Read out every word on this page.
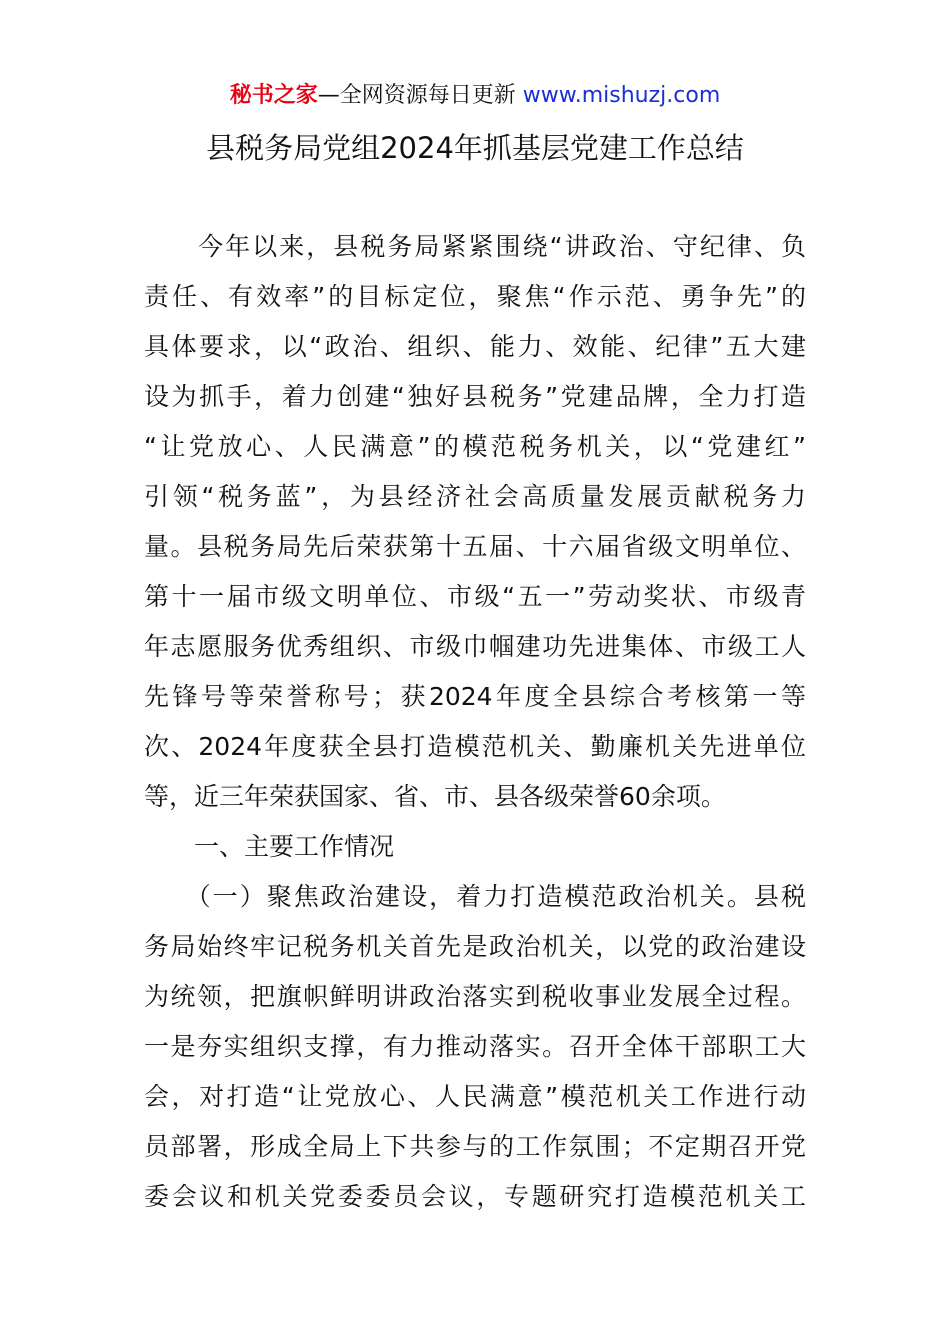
秘书之家—全网资源每日更新 www.mishuzj.com
县税务局党组2024年抓基层党建工作总结
　　今年以来，县税务局紧紧围绕“讲政治、守纪律、负
责任、有效率”的目标定位，聚焦“作示范、勇争先”的
具体要求，以“政治、组织、能力、效能、纪律”五大建
设为抓手，着力创建“独好县税务”党建品牌，全力打造
“让党放心、人民满意”的模范税务机关，以“党建红”
引领“税务蓝”，为县经济社会高质量发展贡献税务力
量。县税务局先后荣获第十五届、十六届省级文明单位、
第十一届市级文明单位、市级“五一”劳动奖状、市级青
年志愿服务优秀组织、市级巾帼建功先进集体、市级工人
先锋号等荣誉称号；获2024年度全县综合考核第一等
次、2024年度获全县打造模范机关、勤廉机关先进单位
等，近三年荣获国家、省、市、县各级荣誉60余项。
　　一、主要工作情况
　　（一）聚焦政治建设，着力打造模范政治机关。县税
务局始终牢记税务机关首先是政治机关，以党的政治建设
为统领，把旗帜鲜明讲政治落实到税收事业发展全过程。
一是夯实组织支撑，有力推动落实。召开全体干部职工大
会，对打造“让党放心、人民满意”模范机关工作进行动
员部署，形成全局上下共参与的工作氛围；不定期召开党
委会议和机关党委委员会议，专题研究打造模范机关工
